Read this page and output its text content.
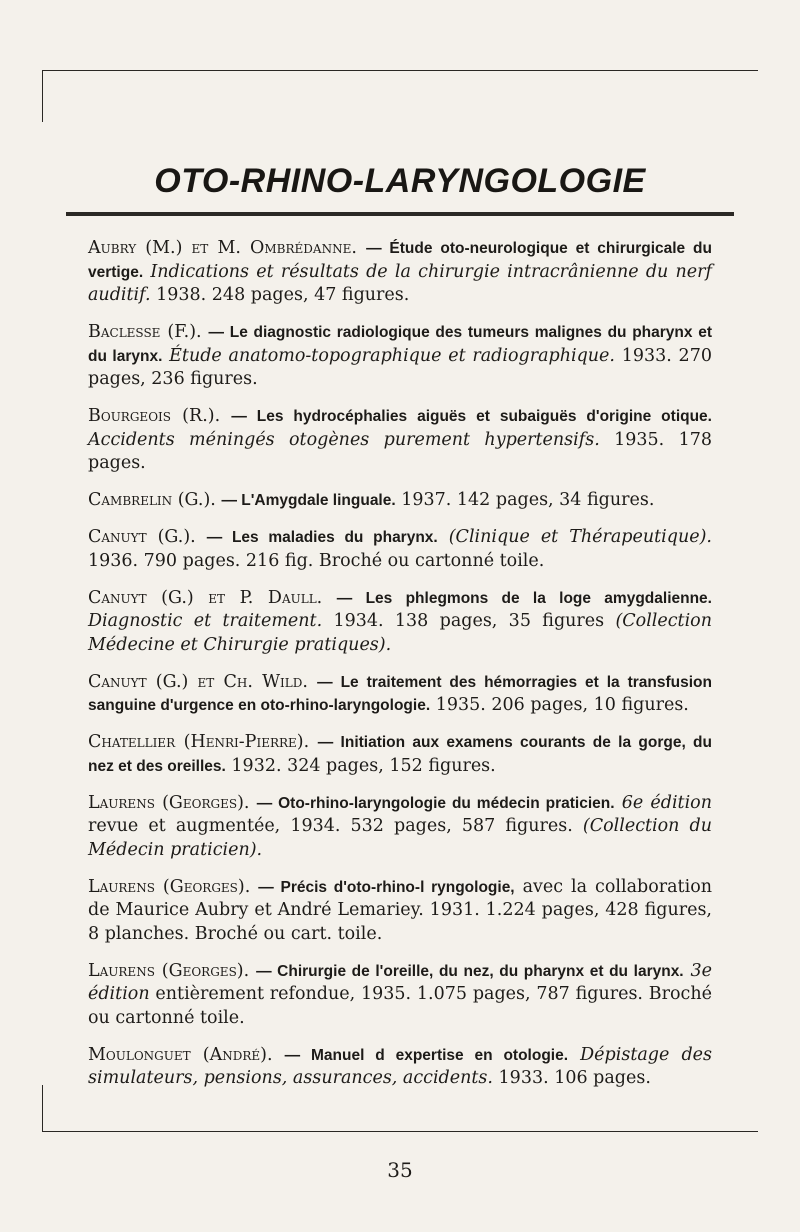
OTO-RHINO-LARYNGOLOGIE

Aubry (M.) et M. Ombrédanne. — Étude oto-neurologique et chirurgicale du vertige. Indications et résultats de la chirurgie intracrânienne du nerf auditif. 1938. 248 pages, 47 figures.

Baclesse (F.). — Le diagnostic radiologique des tumeurs malignes du pharynx et du larynx. Étude anatomo-topographique et radiographique. 1933. 270 pages, 236 figures.

Bourgeois (R.). — Les hydrocéphalies aiguës et subaiguës d'origine otique. Accidents méningés otogènes purement hypertensifs. 1935. 178 pages.

Cambrelin (G.). — L'Amygdale linguale. 1937. 142 pages, 34 figures.

Canuyt (G.). — Les maladies du pharynx. (Clinique et Thérapeutique). 1936. 790 pages. 216 fig. Broché ou cartonné toile.

Canuyt (G.) et P. Daull. — Les phlegmons de la loge amygdalienne. Diagnostic et traitement. 1934. 138 pages, 35 figures (Collection Médecine et Chirurgie pratiques).

Canuyt (G.) et Ch. Wild. — Le traitement des hémorragies et la transfusion sanguine d'urgence en oto-rhino-laryngologie. 1935. 206 pages, 10 figures.

Chatellier (Henri-Pierre). — Initiation aux examens courants de la gorge, du nez et des oreilles. 1932. 324 pages, 152 figures.

Laurens (Georges). — Oto-rhino-laryngologie du médecin praticien. 6e édition revue et augmentée, 1934. 532 pages, 587 figures. (Collection du Médecin praticien).

Laurens (Georges). — Précis d'oto-rhino-l ryngologie, avec la collaboration de Maurice Aubry et André Lemariey. 1931. 1.224 pages, 428 figures, 8 planches. Broché ou cart. toile.

Laurens (Georges). — Chirurgie de l'oreille, du nez, du pharynx et du larynx. 3e édition entièrement refondue, 1935. 1.075 pages, 787 figures. Broché ou cartonné toile.

Moulonguet (André). — Manuel d expertise en otologie. Dépistage des simulateurs, pensions, assurances, accidents. 1933. 106 pages.

35
